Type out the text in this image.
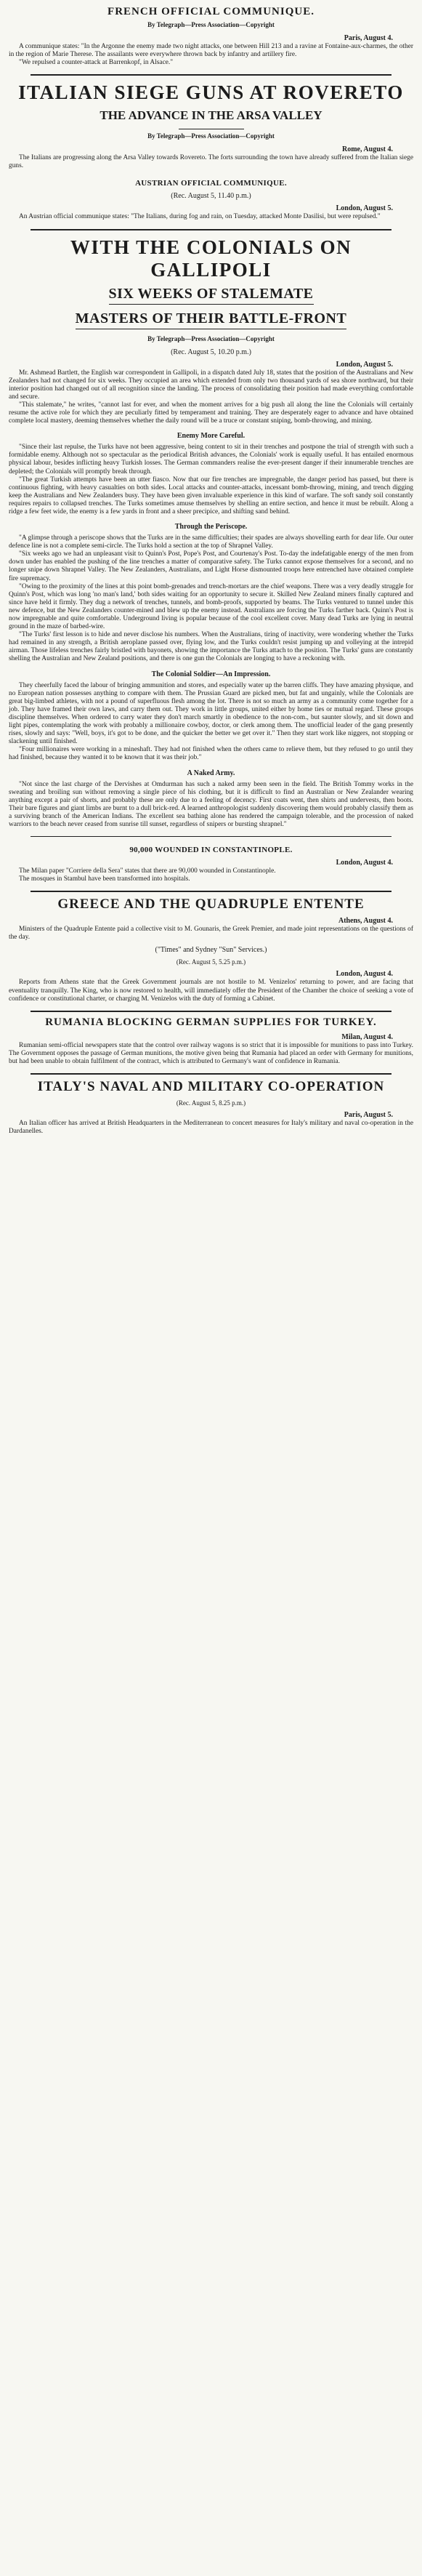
FRENCH OFFICIAL COMMUNIQUE.
By Telegraph—Press Association—Copyright
Paris, August 4.

A communique states: "In the Argonne the enemy made two night attacks, one between Hill 213 and a ravine at Fontaine-aux-charmes, the other in the region of Marie Therese. The assailants were everywhere thrown back by infantry and artillery fire.

"We repulsed a counter-attack at Barrenkopf, in Alsace."

ITALIAN SIEGE GUNS AT ROVERETO
THE ADVANCE IN THE ARSA VALLEY
By Telegraph—Press Association—Copyright
Rome, August 4.

The Italians are progressing along the Arsa Valley towards Rovereto. The forts surrounding the town have already suffered from the Italian siege guns.

AUSTRIAN OFFICIAL COMMUNIQUE.
(Rec. August 5, 11.40 p.m.)
London, August 5.

An Austrian official communique states: "The Italians, during fog and rain, on Tuesday, attacked Monte Dasilisi, but were repulsed."

WITH THE COLONIALS ON GALLIPOLI
SIX WEEKS OF STALEMATE
MASTERS OF THEIR BATTLE-FRONT
By Telegraph—Press Association—Copyright
(Rec. August 5, 10.20 p.m.)
London, August 5.

Mr. Ashmead Bartlett, the English war correspondent in Gallipoli, in a dispatch dated July 18, states that the position of the Australians and New Zealanders had not changed for six weeks. They occupied an area which extended from only two thousand yards of sea shore northward, but their interior position had changed out of all recognition since the landing. The process of consolidating their position had made everything comfortable and secure.

"This stalemate," he writes, "cannot last for ever, and when the moment arrives for a big push all along the line the Colonials will certainly resume the active role for which they are peculiarly fitted by temperament and training. They are desperately eager to advance and have obtained complete local mastery, deeming themselves whether the daily round will be a truce or constant sniping, bomb-throwing, and mining.

Enemy More Careful.

"Since their last repulse, the Turks have not been aggressive, being content to sit in their trenches and postpone the trial of strength with such a formidable enemy. Although not so spectacular as the periodical British advances, the Colonials' work is equally useful. It has entailed enormous physical labour, besides inflicting heavy Turkish losses. The German commanders realise the ever-present danger if their innumerable trenches are depleted; the Colonials will promptly break through.

"The great Turkish attempts have been an utter fiasco. Now that our fire trenches are impregnable, the danger period has passed, but there is continuous fighting, with heavy casualties on both sides. Local attacks and counter-attacks, incessant bomb-throwing, mining, and trench digging keep the Australians and New Zealanders busy. They have been given invaluable experience in this kind of warfare. The soft sandy soil constantly requires repairs to collapsed trenches. The Turks sometimes amuse themselves by shelling an entire section, and hence it must be rebuilt. Along a ridge a few feet wide, the enemy is a few yards in front and a sheer precipice, and shifting sand behind.

Through the Periscope.

"A glimpse through a periscope shows that the Turks are in the same difficulties; their spades are always shovelling earth for dear life. Our outer defence line is not a complete semi-circle. The Turks hold a section at the top of Shrapnel Valley.

"Six weeks ago we had an unpleasant visit to Quinn's Post, Pope's Post, and Courtenay's Post. To-day the indefatigable energy of the men from down under has enabled the pushing of the line trenches a matter of comparative safety. The Turks cannot expose themselves for a second, and no longer snipe down Shrapnel Valley. The New Zealanders, Australians, and Light Horse dismounted troops here entrenched have obtained complete fire supremacy.

"Owing to the proximity of the lines at this point bomb-grenades and trench-mortars are the chief weapons. There was a very deadly struggle for Quinn's Post, which was long 'no man's land,' both sides waiting for an opportunity to secure it. Skilled New Zealand miners finally captured and since have held it firmly. They dug a network of trenches, tunnels, and bomb-proofs, supported by beams. The Turks ventured to tunnel under this new defence, but the New Zealanders counter-mined and blew up the enemy instead. Australians are forcing the Turks farther back. Quinn's Post is now impregnable and quite comfortable. Underground living is popular because of the cool excellent cover. Many dead Turks are lying in neutral ground in the maze of barbed-wire.

"The Turks' first lesson is to hide and never disclose his numbers. When the Australians, tiring of inactivity, were wondering whether the Turks had remained in any strength, a British aeroplane passed over, flying low, and the Turks couldn't resist jumping up and volleying at the intrepid airman. Those lifeless trenches fairly bristled with bayonets, showing the importance the Turks attach to the position. The Turks' guns are constantly shelling the Australian and New Zealand positions, and there is one gun the Colonials are longing to have a reckoning with.

The Colonial Soldier—An Impression.

They cheerfully faced the labour of bringing ammunition and stores, and especially water up the barren cliffs. They have amazing physique, and no European nation possesses anything to compare with them. The Prussian Guard are picked men, but fat and ungainly, while the Colonials are great big-limbed athletes, with not a pound of superfluous flesh among the lot. There is not so much an army as a community come together for a job. They have framed their own laws, and carry them out. They work in little groups, united either by home ties or mutual regard. These groups discipline themselves. When ordered to carry water they don't march smartly in obedience to the non-com., but saunter slowly, and sit down and light pipes, contemplating the work with probably a millionaire cowboy, doctor, or clerk among them. The unofficial leader of the gang presently rises, slowly and says: "Well, boys, it's got to be done, and the quicker the better we get over it." Then they start work like niggers, not stopping or slackening until finished.

"Four millionaires were working in a mineshaft. They had not finished when the others came to relieve them, but they refused to go until they had finished, because they wanted it to be known that it was their job."

A Naked Army.

"Not since the last charge of the Dervishes at Omdurman has such a naked army been seen in the field. The British Tommy works in the sweating and broiling sun without removing a single piece of his clothing, but it is difficult to find an Australian or New Zealander wearing anything except a pair of shorts, and probably these are only due to a feeling of decency. First coats went, then shirts and undervests, then boots. Their bare figures and giant limbs are burnt to a dull brick-red. A learned anthropologist suddenly discovering them would probably classify them as a surviving branch of the American Indians. The excellent sea bathing alone has rendered the campaign tolerable, and the procession of naked warriors to the beach never ceased from sunrise till sunset, regardless of snipers or bursting shrapnel."

90,000 WOUNDED IN CONSTANTINOPLE.
London, August 4.

The Milan paper "Corriere della Sera" states that there are 90,000 wounded in Constantinople.

The mosques in Stambul have been transformed into hospitals.

GREECE AND THE QUADRUPLE ENTENTE
Athens, August 4.

Ministers of the Quadruple Entente paid a collective visit to M. Gounaris, the Greek Premier, and made joint representations on the questions of the day.

("Times" and Sydney "Sun" Services.)
(Rec. August 5, 5.25 p.m.)
London, August 4.

Reports from Athens state that the Greek Government journals are not hostile to M. Venizelos' returning to power, and are facing that eventuality tranquilly. The King, who is now restored to health, will immediately offer the President of the Chamber the choice of seeking a vote of confidence or constitutional charter, or charging M. Venizelos with the duty of forming a Cabinet.

RUMANIA BLOCKING GERMAN SUPPLIES FOR TURKEY.
Milan, August 4.

Rumanian semi-official newspapers state that the control over railway wagons is so strict that it is impossible for munitions to pass into Turkey. The Government opposes the passage of German munitions, the motive given being that Rumania had placed an order with Germany for munitions, but had been unable to obtain fulfilment of the contract, which is attributed to Germany's want of confidence in Rumania.

ITALY'S NAVAL AND MILITARY CO-OPERATION
(Rec. August 5, 8.25 p.m.)
Paris, August 5.

An Italian officer has arrived at British Headquarters in the Mediterranean to concert measures for Italy's military and naval co-operation in the Dardanelles.
